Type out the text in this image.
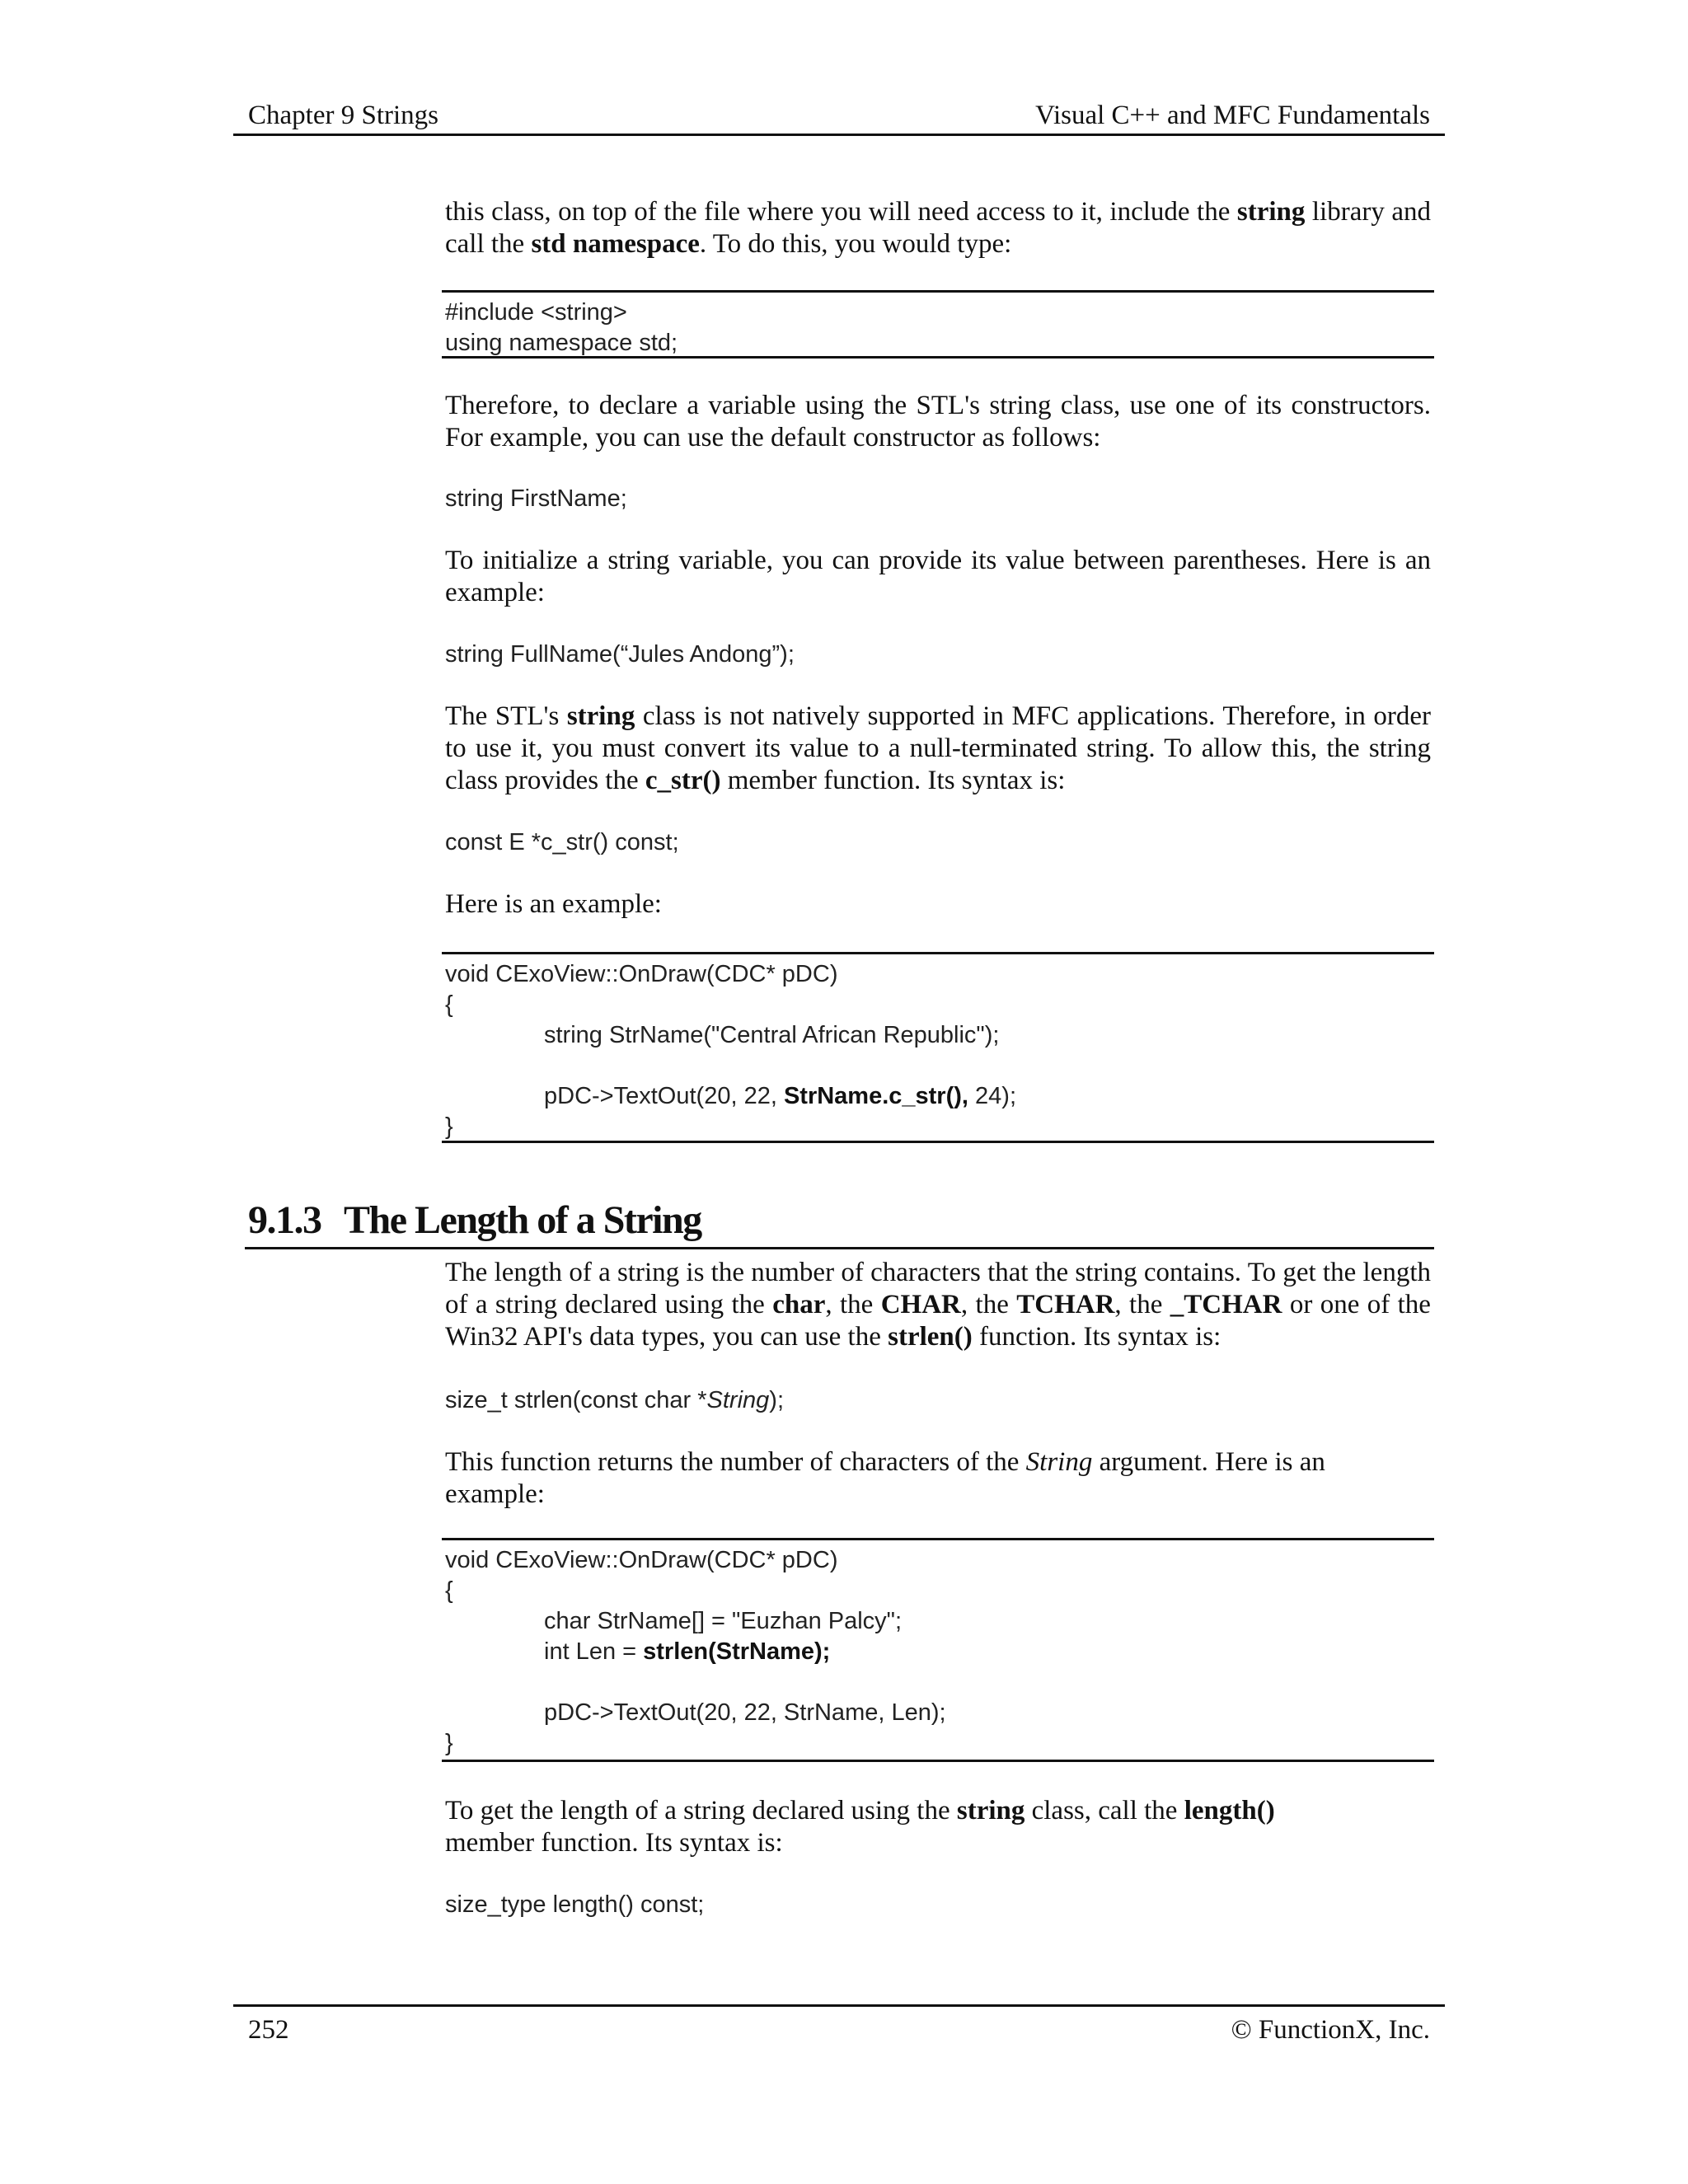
Chapter 9 Strings	Visual C++ and MFC Fundamentals

this class, on top of the file where you will need access to it, include the string library and call the std namespace. To do this, you would type:

#include <string>
using namespace std;

Therefore, to declare a variable using the STL's string class, use one of its constructors. For example, you can use the default constructor as follows:

string FirstName;

To initialize a string variable, you can provide its value between parentheses. Here is an example:

string FullName(“Jules Andong”);

The STL's string class is not natively supported in MFC applications. Therefore, in order to use it, you must convert its value to a null-terminated string. To allow this, the string class provides the c_str() member function. Its syntax is:

const E *c_str() const;

Here is an example:

void CExoView::OnDraw(CDC* pDC)
{
string StrName("Central African Republic");

pDC->TextOut(20, 22, StrName.c_str(), 24);
}
9.1.3 The Length of a String

The length of a string is the number of characters that the string contains. To get the length of a string declared using the char, the CHAR, the TCHAR, the _TCHAR or one of the Win32 API's data types, you can use the strlen() function. Its syntax is:

size_t strlen(const char *String);

This function returns the number of characters of the String argument. Here is an example:

void CExoView::OnDraw(CDC* pDC)
{
char StrName[] = "Euzhan Palcy";
int Len = strlen(StrName);

pDC->TextOut(20, 22, StrName, Len);
}

To get the length of a string declared using the string class, call the length() member function. Its syntax is:

size_type length() const;
252	© FunctionX, Inc.
